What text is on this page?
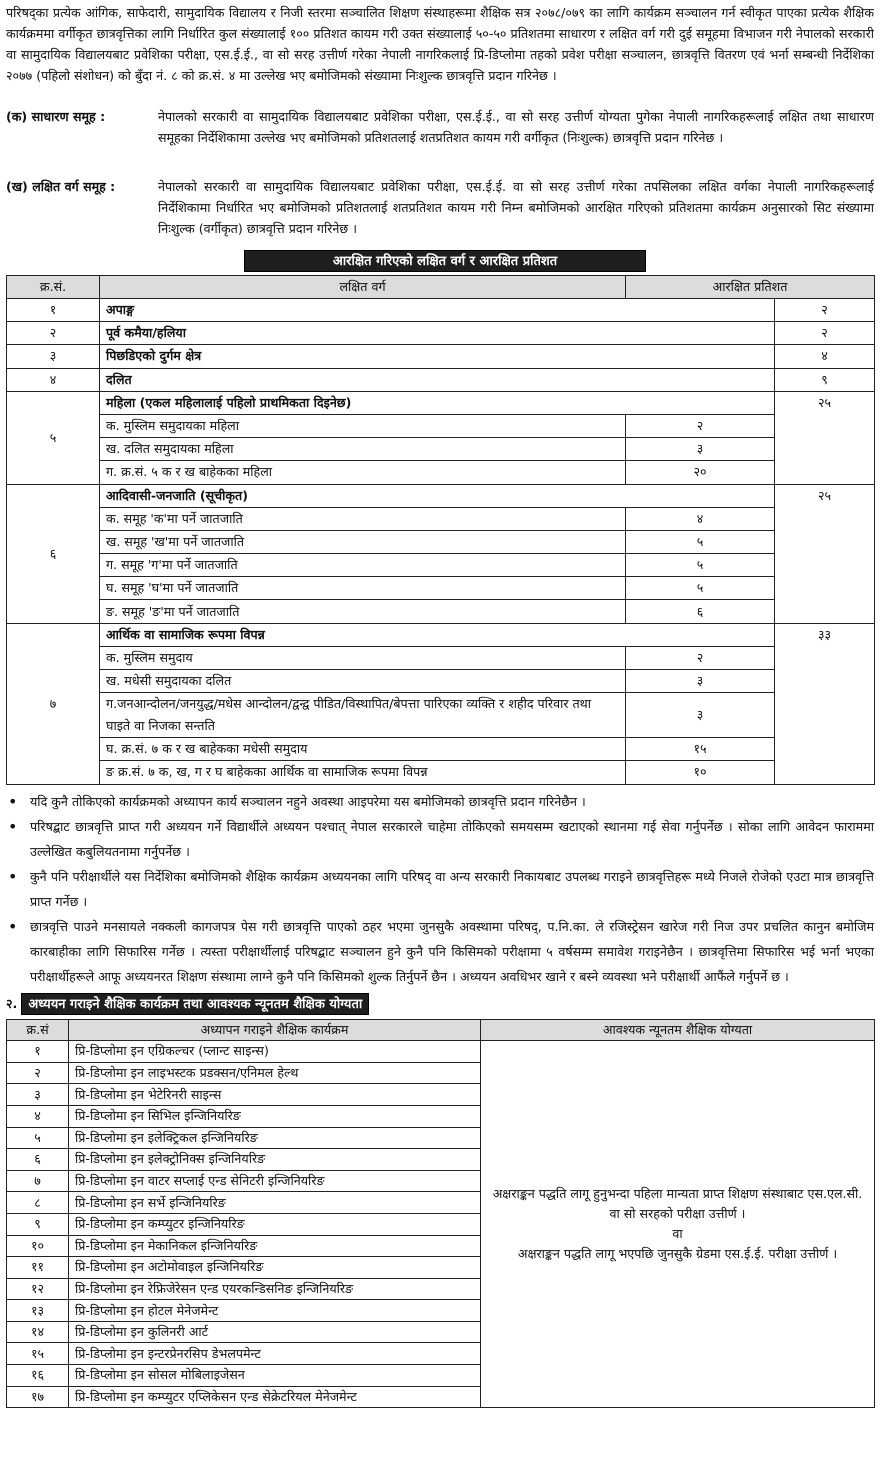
परिषद्का प्रत्येक आंगिक, साफेदारी, सामुदायिक विद्यालय र निजी स्तरमा सञ्चालित शिक्षण संस्थाहरूमा शैक्षिक सत्र २०७८/०७९ का लागि कार्यक्रम सञ्चालन गर्न स्वीकृत पाएका प्रत्येक शैक्षिक कार्यक्रममा वर्गीकृत छात्रवृत्तिका लागि निर्धारित कुल संख्यालाई १०० प्रतिशत कायम गरी उक्त संख्यालाई ५०-५० प्रतिशतमा साधारण र लक्षित वर्ग गरी दुई समूहमा विभाजन गरी नेपालको सरकारी वा सामुदायिक विद्यालयबाट प्रवेशिका परीक्षा, एस.ई.ई., वा सो सरह उत्तीर्ण गरेका नेपाली नागरिकलाई प्रि-डिप्लोमा तहको प्रवेश परीक्षा सञ्चालन, छात्रवृत्ति वितरण एवं भर्ना सम्बन्धी निर्देशिका २०७७ (पहिलो संशोधन) को बुँदा नं. ८ को क्र.सं. ४ मा उल्लेख भए बमोजिमको संख्यामा निःशुल्क छात्रवृत्ति प्रदान गरिनेछ ।

(क) साधारण समूह :	नेपालको सरकारी वा सामुदायिक विद्यालयबाट प्रवेशिका परीक्षा, एस.ई.ई., वा सो सरह उत्तीर्ण योग्यता पुगेका नेपाली नागरिकहरूलाई लक्षित तथा साधारण समूहका निर्देशिकामा उल्लेख भए बमोजिमको प्रतिशतलाई शतप्रतिशत कायम गरी वर्गीकृत (निःशुल्क) छात्रवृत्ति प्रदान गरिनेछ ।
(ख) लक्षित वर्ग समूह :	नेपालको सरकारी वा सामुदायिक विद्यालयबाट प्रवेशिका परीक्षा, एस.ई.ई. वा सो सरह उत्तीर्ण गरेका तपसिलका लक्षित वर्गका नेपाली नागरिकहरूलाई निर्देशिकामा निर्धारित भए बमोजिमको प्रतिशतलाई शतप्रतिशत कायम गरी निम्न बमोजिमको आरक्षित गरिएको प्रतिशतमा कार्यक्रम अनुसारको सिट संख्यामा निःशुल्क (वर्गीकृत) छात्रवृत्ति प्रदान गरिनेछ ।
आरक्षित गरिएको लक्षित वर्ग र आरक्षित प्रतिशत
क्र.सं.	लक्षित वर्ग	आरक्षित प्रतिशत	
१	अपाङ्ग		२
२	पूर्व कमैया/हलिया		२
३	पिछडिएको दुर्गम क्षेत्र		४
४	दलित		९
५	महिला (एकल महिलालाई पहिलो प्राथमिकता दिइनेछ)		२५
	क. मुस्लिम समुदायका महिला	२	
	ख. दलित समुदायका महिला	३	
	ग. क्र.सं. ५ क र ख बाहेकका महिला	२०	
६	आदिवासी-जनजाति (सूचीकृत)		२५
	क. समूह 'क'मा पर्ने जातजाति	४	
	ख. समूह 'ख'मा पर्ने जातजाति	५	
	ग. समूह 'ग'मा पर्ने जातजाति	५	
	घ. समूह 'घ'मा पर्ने जातजाति	५	
	ङ. समूह 'ङ'मा पर्ने जातजाति	६	
७	आर्थिक वा सामाजिक रूपमा विपन्न		३३
	क. मुस्लिम समुदाय	२	
	ख. मधेसी समुदायका दलित	३	
	ग.जनआन्दोलन/जनयुद्ध/मधेस आन्दोलन/द्वन्द्व पीडित/विस्थापित/बेपत्ता पारिएका व्यक्ति र शहीद परिवार तथा घाइते वा निजका सन्तति	३	
	घ. क्र.सं. ७ क र ख बाहेकका मधेसी समुदाय	१५	
	ङ क्र.सं. ७ क, ख, ग र घ बाहेकका आर्थिक वा सामाजिक रूपमा विपन्न	१०	
• यदि कुनै तोकिएको कार्यक्रमको अध्यापन कार्य सञ्चालन नहुने अवस्था आइपरेमा यस बमोजिमको छात्रवृत्ति प्रदान गरिनेछैन ।
• परिषद्बाट छात्रवृत्ति प्राप्त गरी अध्ययन गर्ने विद्यार्थीले अध्ययन पश्चात् नेपाल सरकारले चाहेमा तोकिएको समयसम्म खटाएको स्थानमा गई सेवा गर्नुपर्नेछ । सोका लागि आवेदन फाराममा उल्लेखित कबुलियतनामा गर्नुपर्नेछ ।
• कुनै पनि परीक्षार्थीले यस निर्देशिका बमोजिमको शैक्षिक कार्यक्रम अध्ययनका लागि परिषद् वा अन्य सरकारी निकायबाट उपलब्ध गराइने छात्रवृत्तिहरू मध्ये निजले रोजेको एउटा मात्र छात्रवृत्ति प्राप्त गर्नेछ ।
• छात्रवृत्ति पाउने मनसायले नक्कली कागजपत्र पेस गरी छात्रवृत्ति पाएको ठहर भएमा जुनसुकै अवस्थामा परिषद्, प.नि.का. ले रजिस्ट्रेसन खारेज गरी निज उपर प्रचलित कानुन बमोजिम कारबाहीका लागि सिफारिस गर्नेछ । त्यस्ता परीक्षार्थीलाई परिषद्बाट सञ्चालन हुने कुनै पनि किसिमको परीक्षामा ५ वर्षसम्म समावेश गराइनेछैन । छात्रवृत्तिमा सिफारिस भई भर्ना भएका परीक्षार्थीहरूले आफू अध्ययनरत शिक्षण संस्थामा लाग्ने कुनै पनि किसिमको शुल्क तिर्नुपर्ने छैन । अध्ययन अवधिभर खाने र बस्ने व्यवस्था भने परीक्षार्थी आफैंले गर्नुपर्ने छ ।
२. अध्ययन गराइने शैक्षिक कार्यक्रम तथा आवश्यक न्यूनतम शैक्षिक योग्यता
क्र.सं	अध्यापन गराइने शैक्षिक कार्यक्रम	आवश्यक न्यूनतम शैक्षिक योग्यता
१	प्रि-डिप्लोमा इन एग्रिकल्चर (प्लान्ट साइन्स)	अक्षराङ्कन पद्धति लागू हुनुभन्दा पहिला मान्यता प्राप्त शिक्षण संस्थाबाट एस.एल.सी. वा सो सरहको परीक्षा उत्तीर्ण ।
वा
अक्षराङ्कन पद्धति लागू भएपछि जुनसुकै ग्रेडमा एस.ई.ई. परीक्षा उत्तीर्ण ।

२	प्रि-डिप्लोमा इन लाइभस्टक प्रडक्सन/एनिमल हेल्थ	
३	प्रि-डिप्लोमा इन भेटेरिनरी साइन्स	
४	प्रि-डिप्लोमा इन सिभिल इन्जिनियरिङ	
५	प्रि-डिप्लोमा इन इलेक्ट्रिकल इन्जिनियरिङ	
६	प्रि-डिप्लोमा इन इलेक्ट्रोनिक्स इन्जिनियरिङ	
७	प्रि-डिप्लोमा इन वाटर सप्लाई एन्ड सेनिटरी इन्जिनियरिङ	
८	प्रि-डिप्लोमा इन सर्भे इन्जिनियरिङ	
९	प्रि-डिप्लोमा इन कम्प्युटर इन्जिनियरिङ	
१०	प्रि-डिप्लोमा इन मेकानिकल इन्जिनियरिङ	
११	प्रि-डिप्लोमा इन अटोमोवाइल इन्जिनियरिङ	
१२	प्रि-डिप्लोमा इन रेफ्रिजेरेसन एन्ड एयरकन्डिसनिङ इन्जिनियरिङ	
१३	प्रि-डिप्लोमा इन होटल मेनेजमेन्ट	
१४	प्रि-डिप्लोमा इन कुलिनरी आर्ट	
१५	प्रि-डिप्लोमा इन इन्टरप्रेनरसिप डेभलपमेन्ट	
१६	प्रि-डिप्लोमा इन सोसल मोबिलाइजेसन	
१७	प्रि-डिप्लोमा इन कम्प्युटर एप्लिकेसन एन्ड सेक्रेटरियल मेनेजमेन्ट	
